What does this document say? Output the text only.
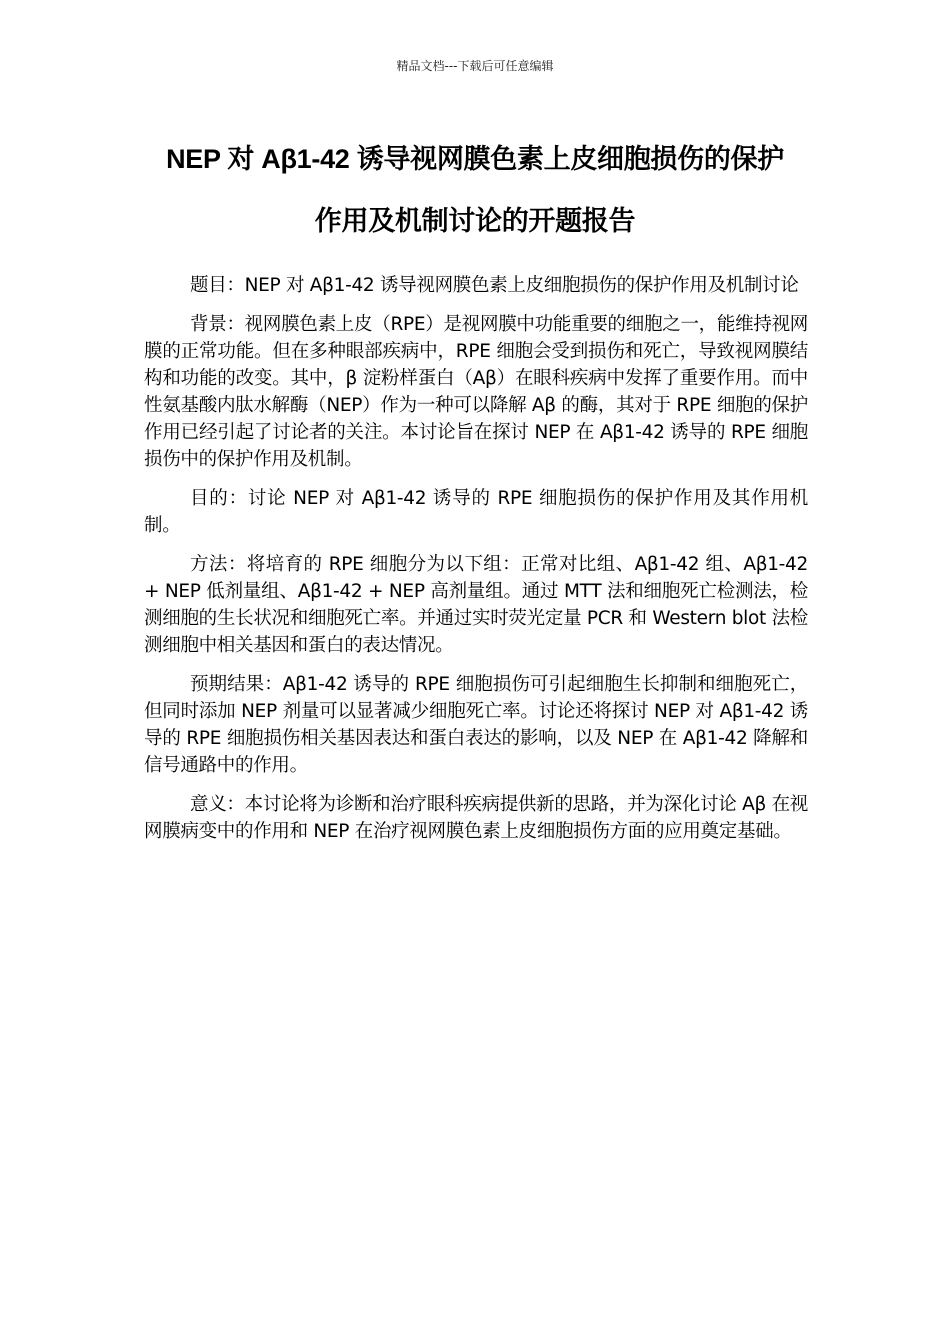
精品文档---下载后可任意编辑
NEP 对 Aβ1-42 诱导视网膜色素上皮细胞损伤的保护
作用及机制讨论的开题报告

题目：NEP 对 Aβ1-42 诱导视网膜色素上皮细胞损伤的保护作用及机制讨论

背景：视网膜色素上皮（RPE）是视网膜中功能重要的细胞之一，能维持视网膜的正常功能。但在多种眼部疾病中，RPE 细胞会受到损伤和死亡，导致视网膜结构和功能的改变。其中，β 淀粉样蛋白（Aβ）在眼科疾病中发挥了重要作用。而中性氨基酸内肽水解酶（NEP）作为一种可以降解 Aβ 的酶，其对于 RPE 细胞的保护作用已经引起了讨论者的关注。本讨论旨在探讨 NEP 在 Aβ1-42 诱导的 RPE 细胞损伤中的保护作用及机制。

目的：讨论 NEP 对 Aβ1-42 诱导的 RPE 细胞损伤的保护作用及其作用机制。

方法：将培育的 RPE 细胞分为以下组：正常对比组、Aβ1-42 组、Aβ1-42 + NEP 低剂量组、Aβ1-42 + NEP 高剂量组。通过 MTT 法和细胞死亡检测法，检测细胞的生长状况和细胞死亡率。并通过实时荧光定量 PCR 和 Western blot 法检测细胞中相关基因和蛋白的表达情况。

预期结果：Aβ1-42 诱导的 RPE 细胞损伤可引起细胞生长抑制和细胞死亡，但同时添加 NEP 剂量可以显著减少细胞死亡率。讨论还将探讨 NEP 对 Aβ1-42 诱导的 RPE 细胞损伤相关基因表达和蛋白表达的影响，以及 NEP 在 Aβ1-42 降解和信号通路中的作用。

意义：本讨论将为诊断和治疗眼科疾病提供新的思路，并为深化讨论 Aβ 在视网膜病变中的作用和 NEP 在治疗视网膜色素上皮细胞损伤方面的应用奠定基础。
